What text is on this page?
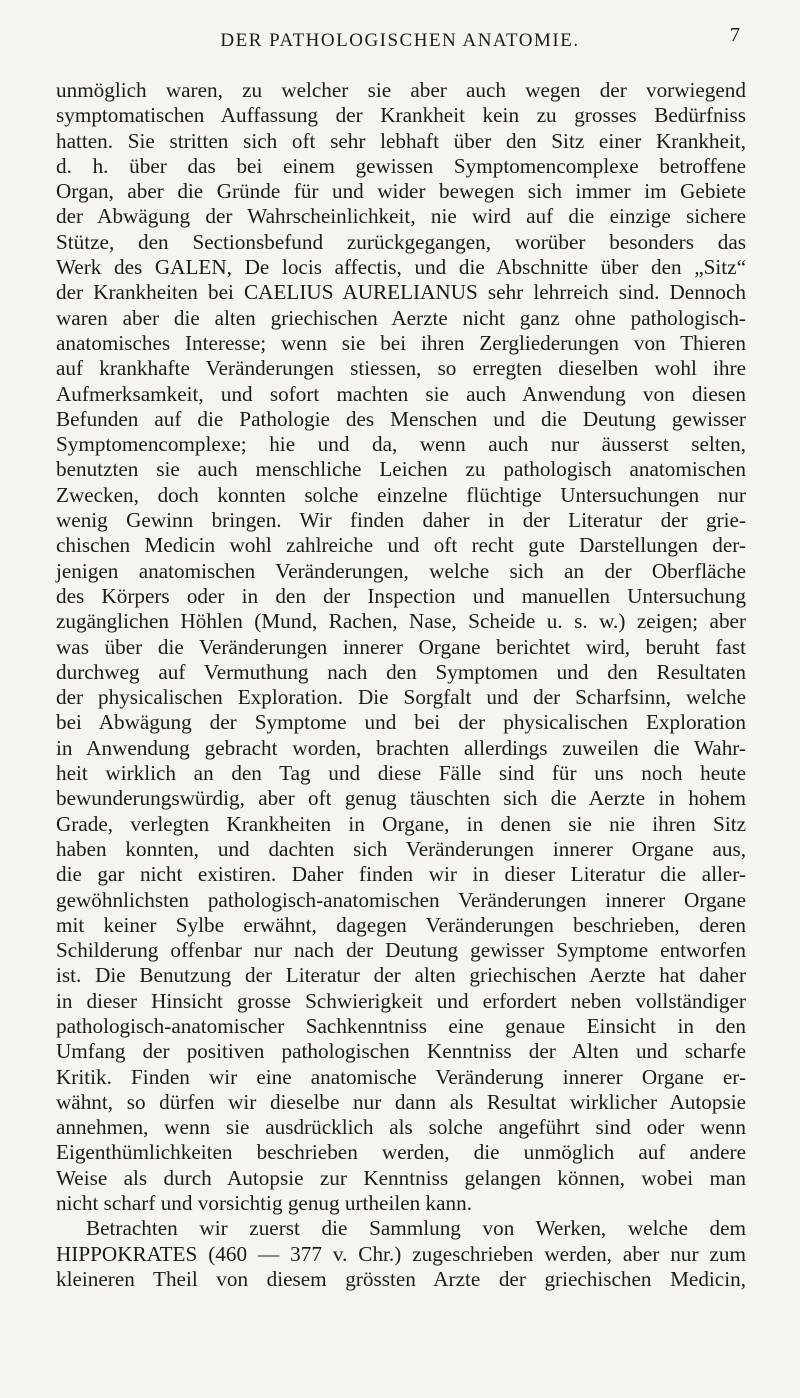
DER PATHOLOGISCHEN ANATOMIE.	7

unmöglich waren, zu welcher sie aber auch wegen der vorwiegend

symptomatischen Auffassung der Krankheit kein zu grosses Bedürfniss

hatten. Sie stritten sich oft sehr lebhaft über den Sitz einer Krankheit,

d. h. über das bei einem gewissen Symptomencomplexe betroffene

Organ, aber die Gründe für und wider bewegen sich immer im Gebiete

der Abwägung der Wahrscheinlichkeit, nie wird auf die einzige sichere

Stütze, den Sectionsbefund zurückgegangen, worüber besonders das

Werk des GALEN, De locis affectis, und die Abschnitte über den „Sitz“

der Krankheiten bei CAELIUS AURELIANUS sehr lehrreich sind. Dennoch

waren aber die alten griechischen Aerzte nicht ganz ohne pathologisch-

anatomisches Interesse; wenn sie bei ihren Zergliederungen von Thieren

auf krankhafte Veränderungen stiessen, so erregten dieselben wohl ihre

Aufmerksamkeit, und sofort machten sie auch Anwendung von diesen

Befunden auf die Pathologie des Menschen und die Deutung gewisser

Symptomencomplexe; hie und da, wenn auch nur äusserst selten,

benutzten sie auch menschliche Leichen zu pathologisch anatomischen

Zwecken, doch konnten solche einzelne flüchtige Untersuchungen nur

wenig Gewinn bringen. Wir finden daher in der Literatur der grie-

chischen Medicin wohl zahlreiche und oft recht gute Darstellungen der-

jenigen anatomischen Veränderungen, welche sich an der Oberfläche

des Körpers oder in den der Inspection und manuellen Untersuchung

zugänglichen Höhlen (Mund, Rachen, Nase, Scheide u. s. w.) zeigen; aber

was über die Veränderungen innerer Organe berichtet wird, beruht fast

durchweg auf Vermuthung nach den Symptomen und den Resultaten

der physicalischen Exploration. Die Sorgfalt und der Scharfsinn, welche

bei Abwägung der Symptome und bei der physicalischen Exploration

in Anwendung gebracht worden, brachten allerdings zuweilen die Wahr-

heit wirklich an den Tag und diese Fälle sind für uns noch heute

bewunderungswürdig, aber oft genug täuschten sich die Aerzte in hohem

Grade, verlegten Krankheiten in Organe, in denen sie nie ihren Sitz

haben konnten, und dachten sich Veränderungen innerer Organe aus,

die gar nicht existiren. Daher finden wir in dieser Literatur die aller-

gewöhnlichsten pathologisch-anatomischen Veränderungen innerer Organe

mit keiner Sylbe erwähnt, dagegen Veränderungen beschrieben, deren

Schilderung offenbar nur nach der Deutung gewisser Symptome entworfen

ist. Die Benutzung der Literatur der alten griechischen Aerzte hat daher

in dieser Hinsicht grosse Schwierigkeit und erfordert neben vollständiger

pathologisch-anatomischer Sachkenntniss eine genaue Einsicht in den

Umfang der positiven pathologischen Kenntniss der Alten und scharfe

Kritik. Finden wir eine anatomische Veränderung innerer Organe er-

wähnt, so dürfen wir dieselbe nur dann als Resultat wirklicher Autopsie

annehmen, wenn sie ausdrücklich als solche angeführt sind oder wenn

Eigenthümlichkeiten beschrieben werden, die unmöglich auf andere

Weise als durch Autopsie zur Kenntniss gelangen können, wobei man

nicht scharf und vorsichtig genug urtheilen kann.

Betrachten wir zuerst die Sammlung von Werken, welche dem

HIPPOKRATES (460 — 377 v. Chr.) zugeschrieben werden, aber nur zum

kleineren Theil von diesem grössten Arzte der griechischen Medicin,
